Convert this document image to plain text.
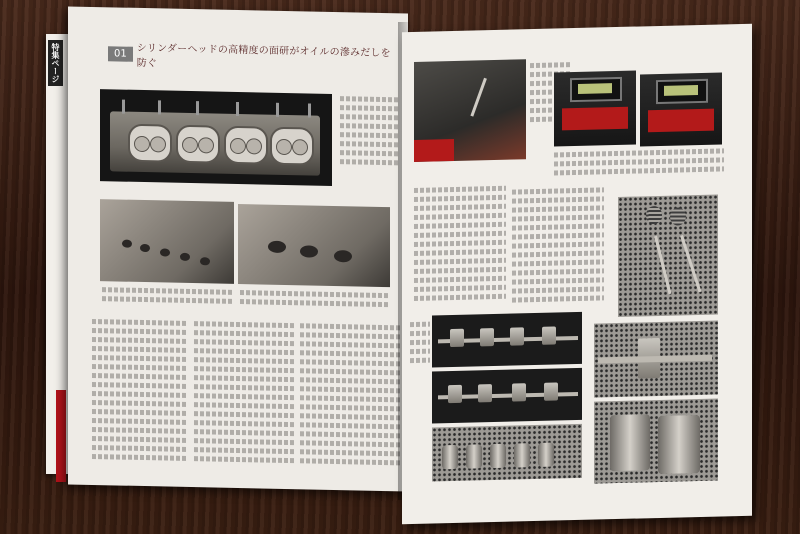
特集ページ	01	シリンダーヘッドの高精度の面研がオイルの滲みだしを防ぐ
